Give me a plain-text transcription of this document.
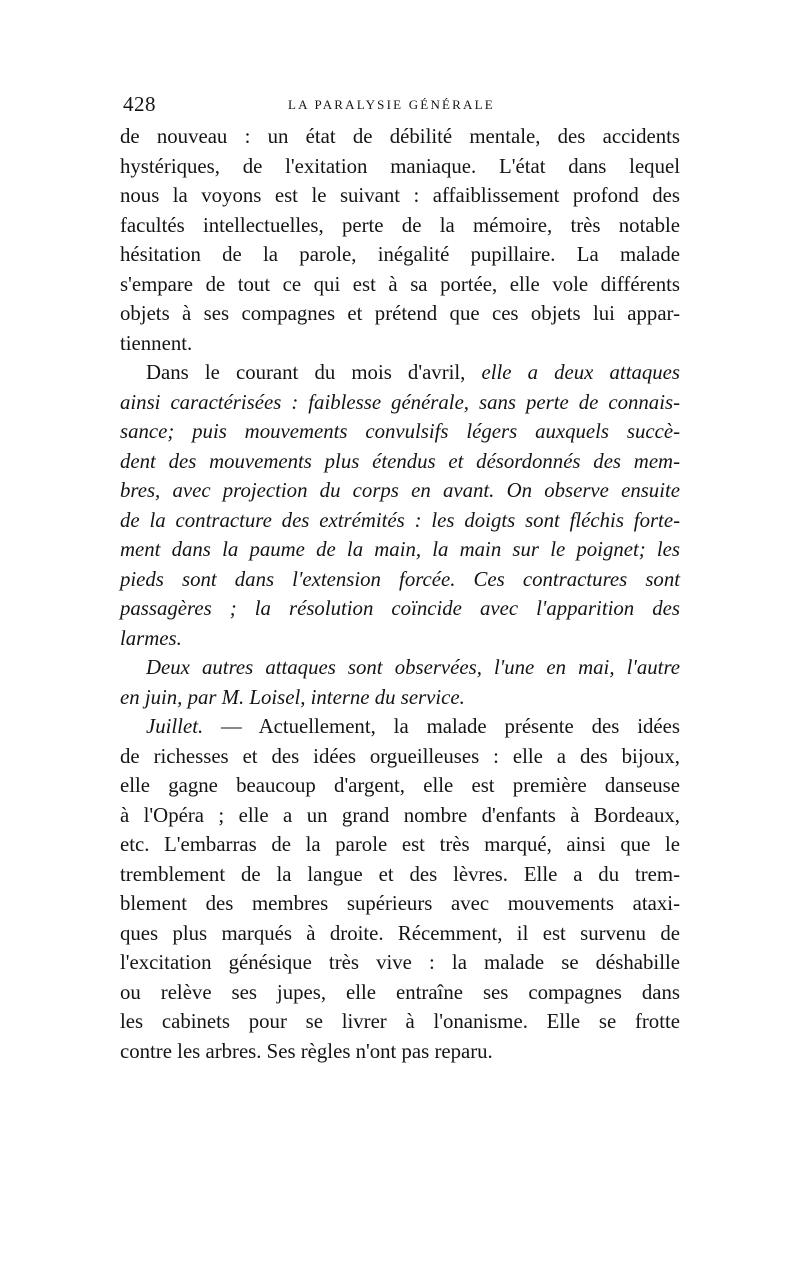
428	LA PARALYSIE GÉNÉRALE
de nouveau : un état de débilité mentale, des accidents
hystériques, de l'exitation maniaque. L'état dans lequel
nous la voyons est le suivant : affaiblissement profond des
facultés intellectuelles, perte de la mémoire, très notable
hésitation de la parole, inégalité pupillaire. La malade
s'empare de tout ce qui est à sa portée, elle vole différents
objets à ses compagnes et prétend que ces objets lui appar-
tiennent.
Dans le courant du mois d'avril, elle a deux attaques
ainsi caractérisées : faiblesse générale, sans perte de connais-
sance; puis mouvements convulsifs légers auxquels succè-
dent des mouvements plus étendus et désordonnés des mem-
bres, avec projection du corps en avant. On observe ensuite
de la contracture des extrémités : les doigts sont fléchis forte-
ment dans la paume de la main, la main sur le poignet; les
pieds sont dans l'extension forcée. Ces contractures sont
passagères ; la résolution coïncide avec l'apparition des
larmes.
Deux autres attaques sont observées, l'une en mai, l'autre
en juin, par M. Loisel, interne du service.
Juillet. — Actuellement, la malade présente des idées
de richesses et des idées orgueilleuses : elle a des bijoux,
elle gagne beaucoup d'argent, elle est première danseuse
à l'Opéra ; elle a un grand nombre d'enfants à Bordeaux,
etc. L'embarras de la parole est très marqué, ainsi que le
tremblement de la langue et des lèvres. Elle a du trem-
blement des membres supérieurs avec mouvements ataxi-
ques plus marqués à droite. Récemment, il est survenu de
l'excitation génésique très vive : la malade se déshabille
ou relève ses jupes, elle entraîne ses compagnes dans
les cabinets pour se livrer à l'onanisme. Elle se frotte
contre les arbres. Ses règles n'ont pas reparu.
